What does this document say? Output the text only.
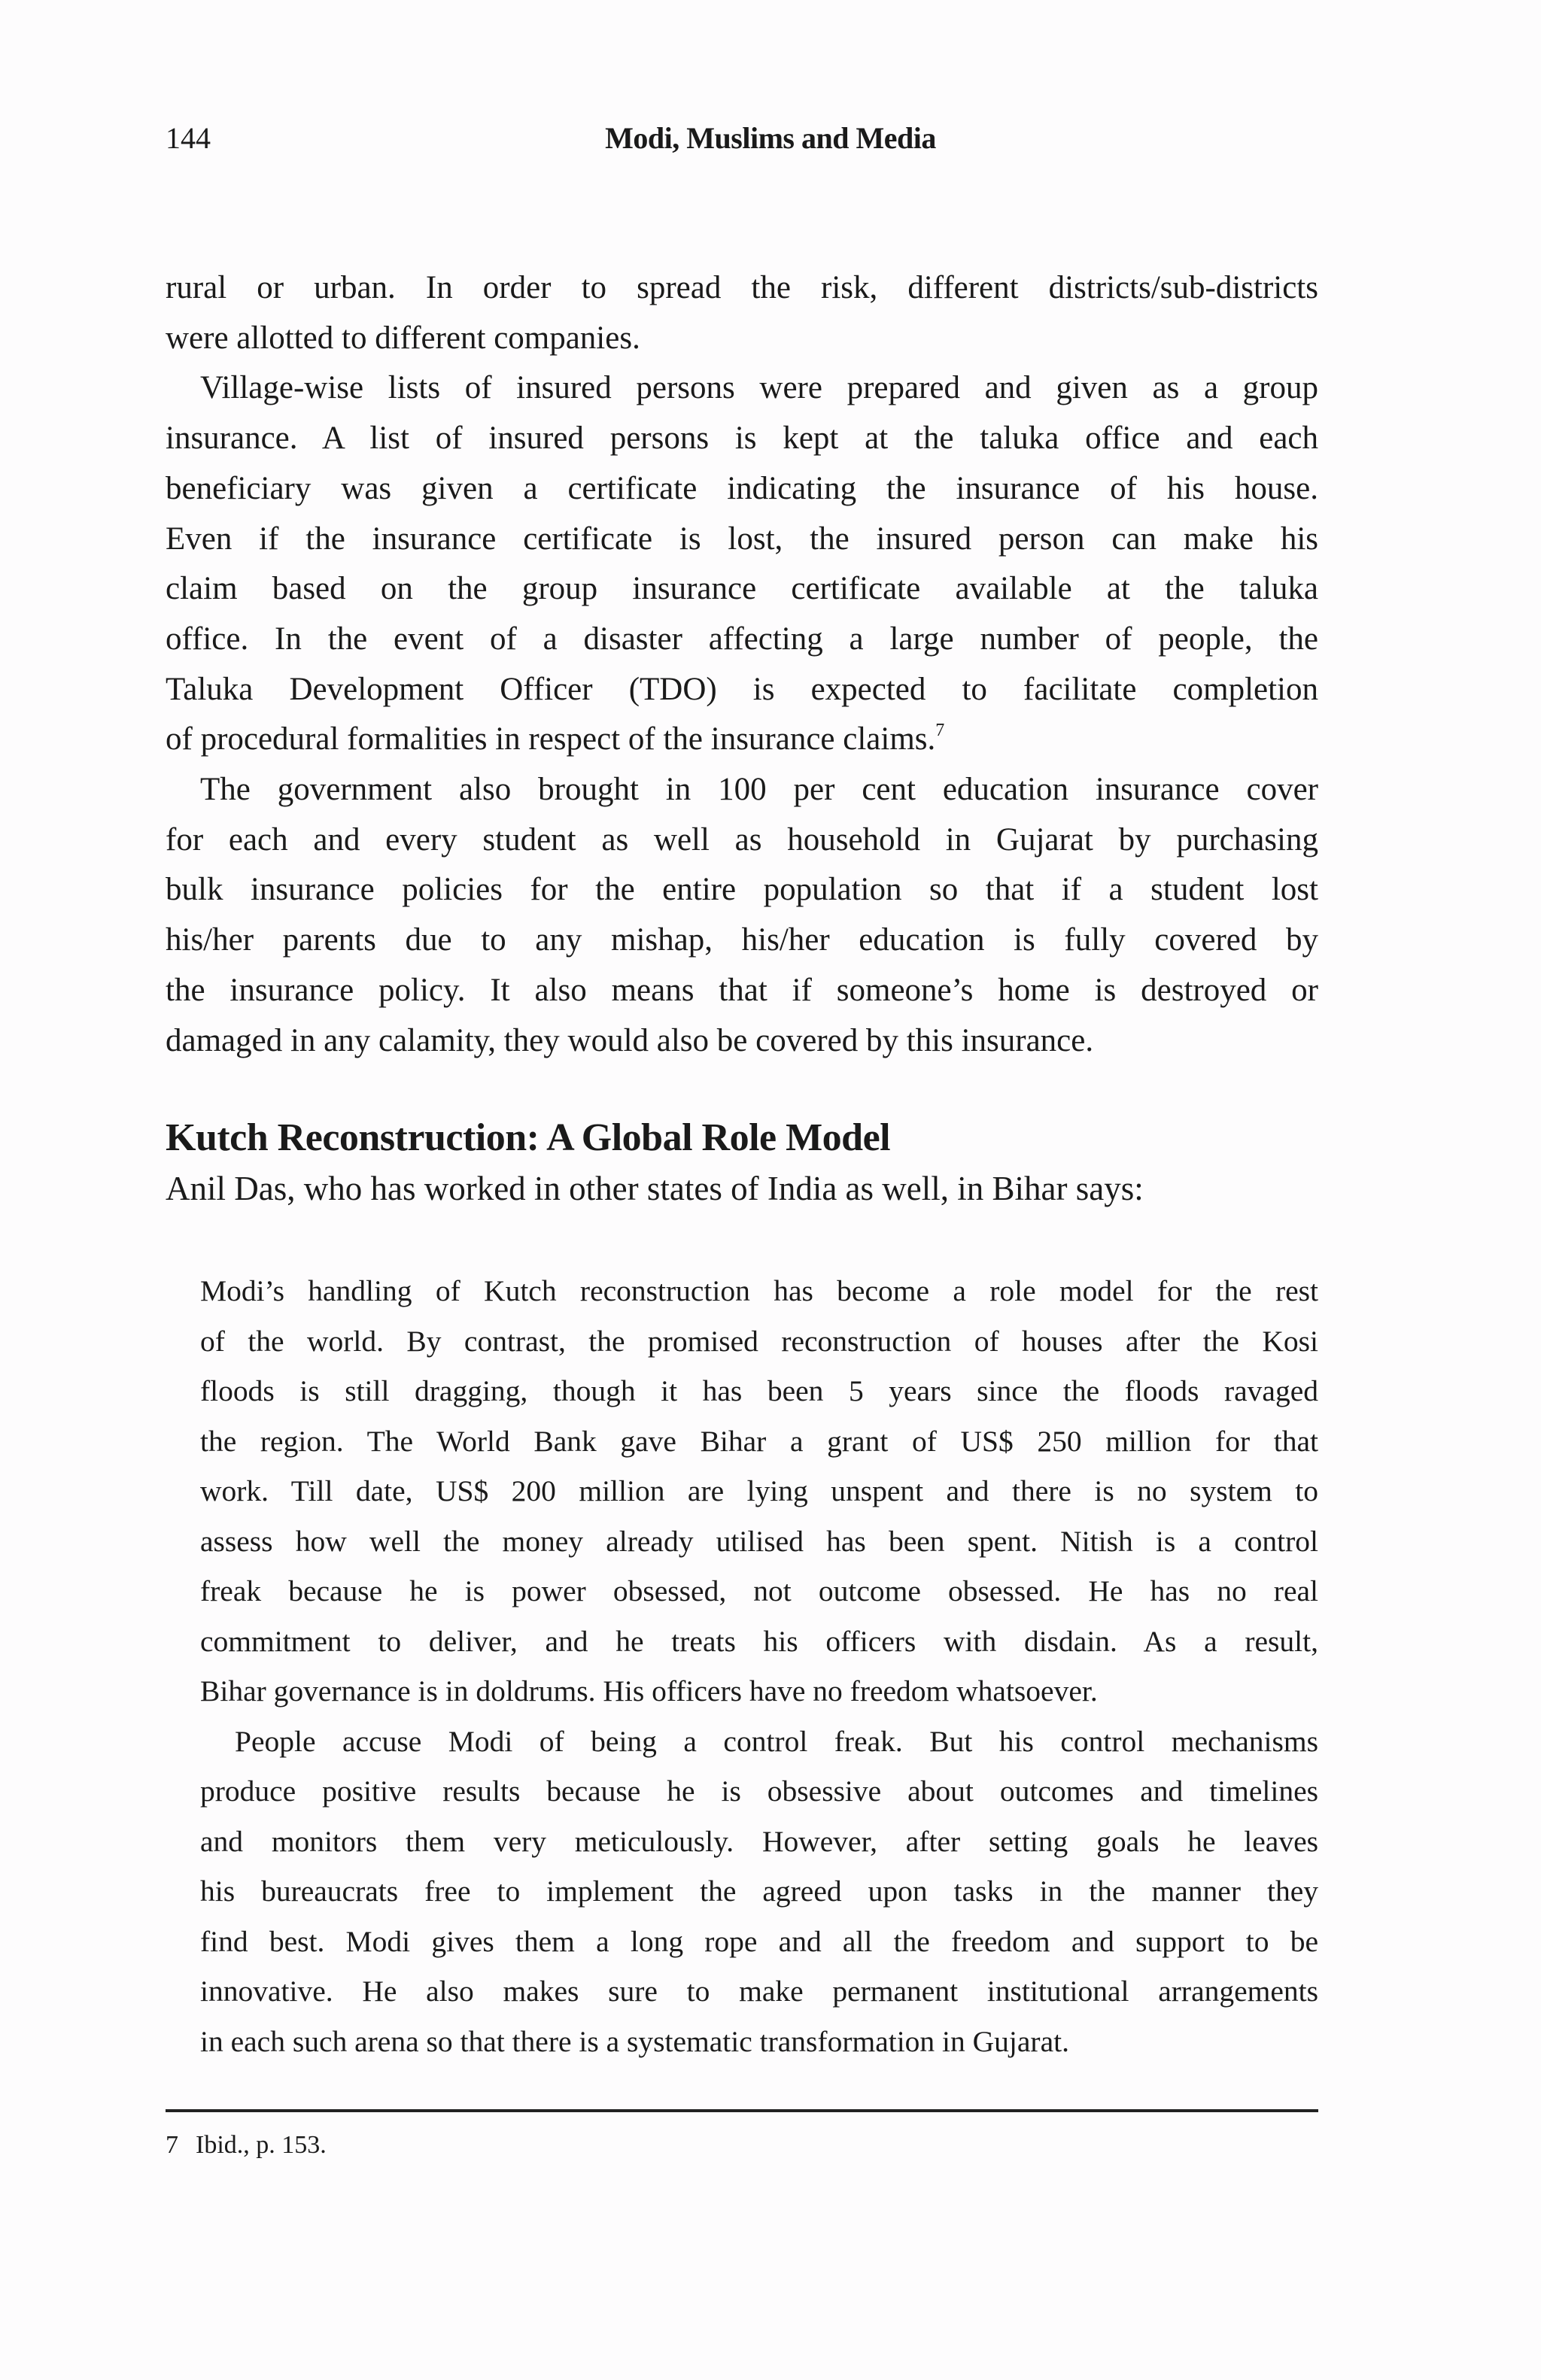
144	Modi, Muslims and Media
rural or urban. In order to spread the risk, different districts/sub-districts
were allotted to different companies.
Village-wise lists of insured persons were prepared and given as a group
insurance. A list of insured persons is kept at the taluka office and each
beneficiary was given a certificate indicating the insurance of his house.
Even if the insurance certificate is lost, the insured person can make his
claim based on the group insurance certificate available at the taluka
office. In the event of a disaster affecting a large number of people, the
Taluka Development Officer (TDO) is expected to facilitate completion
of procedural formalities in respect of the insurance claims.$^7$
The government also brought in 100 per cent education insurance cover
for each and every student as well as household in Gujarat by purchasing
bulk insurance policies for the entire population so that if a student lost
his/her parents due to any mishap, his/her education is fully covered by
the insurance policy. It also means that if someone’s home is destroyed or
damaged in any calamity, they would also be covered by this insurance.
Kutch Reconstruction: A Global Role Model
Anil Das, who has worked in other states of India as well, in Bihar says:
Modi’s handling of Kutch reconstruction has become a role model for the rest
of the world. By contrast, the promised reconstruction of houses after the Kosi
floods is still dragging, though it has been 5 years since the floods ravaged
the region. The World Bank gave Bihar a grant of US$ 250 million for that
work. Till date, US$ 200 million are lying unspent and there is no system to
assess how well the money already utilised has been spent. Nitish is a control
freak because he is power obsessed, not outcome obsessed. He has no real
commitment to deliver, and he treats his officers with disdain. As a result,
Bihar governance is in doldrums. His officers have no freedom whatsoever.
People accuse Modi of being a control freak. But his control mechanisms
produce positive results because he is obsessive about outcomes and timelines
and monitors them very meticulously. However, after setting goals he leaves
his bureaucrats free to implement the agreed upon tasks in the manner they
find best. Modi gives them a long rope and all the freedom and support to be
innovative. He also makes sure to make permanent institutional arrangements
in each such arena so that there is a systematic transformation in Gujarat.
7 Ibid., p. 153.
